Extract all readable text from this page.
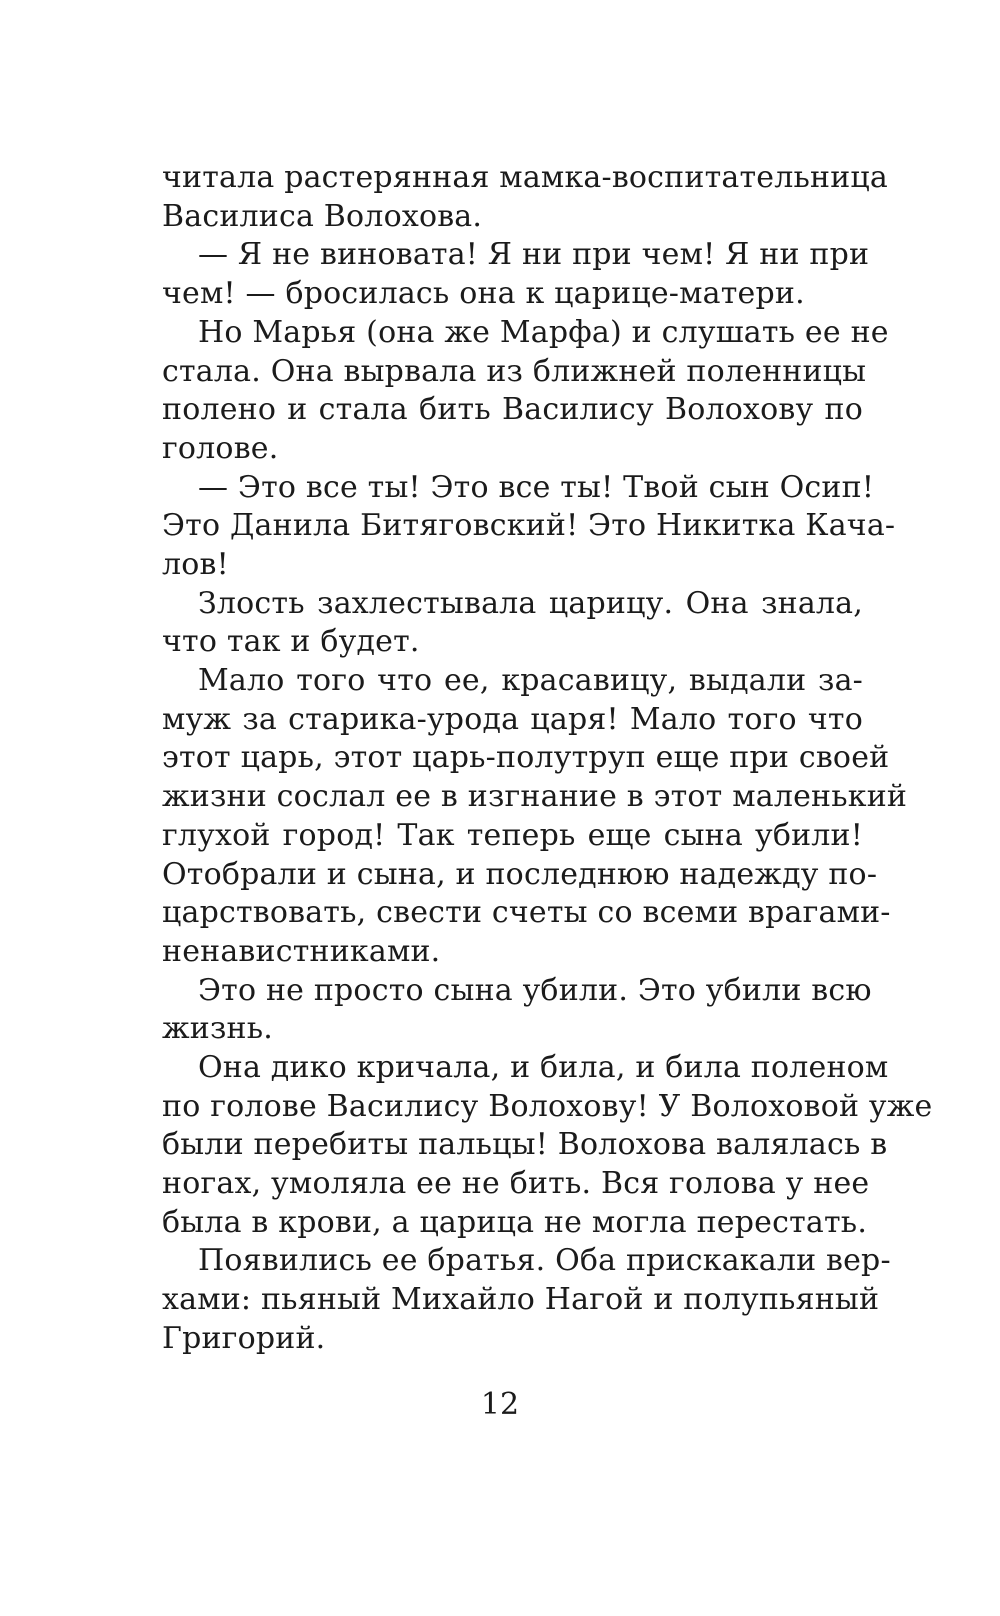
читала растерянная мамка-воспитательница
Василиса Волохова.
— Я не виновата! Я ни при чем! Я ни при
чем! — бросилась она к царице-матери.
Но Марья (она же Марфа) и слушать ее не
стала. Она вырвала из ближней поленницы
полено и стала бить Василису Волохову по
голове.
— Это все ты! Это все ты! Твой сын Осип!
Это Данила Битяговский! Это Никитка Кача-
лов!
Злость захлестывала царицу. Она знала,
что так и будет.
Мало того что ее, красавицу, выдали за-
муж за старика-урода царя! Мало того что
этот царь, этот царь-полутруп еще при своей
жизни сослал ее в изгнание в этот маленький
глухой город! Так теперь еще сына убили!
Отобрали и сына, и последнюю надежду по-
царствовать, свести счеты со всеми врагами-
ненавистниками.
Это не просто сына убили. Это убили всю
жизнь.
Она дико кричала, и била, и била поленом
по голове Василису Волохову! У Волоховой уже
были перебиты пальцы! Волохова валялась в
ногах, умоляла ее не бить. Вся голова у нее
была в крови, а царица не могла перестать.
Появились ее братья. Оба прискакали вер-
хами: пьяный Михайло Нагой и полупьяный
Григорий.
12
